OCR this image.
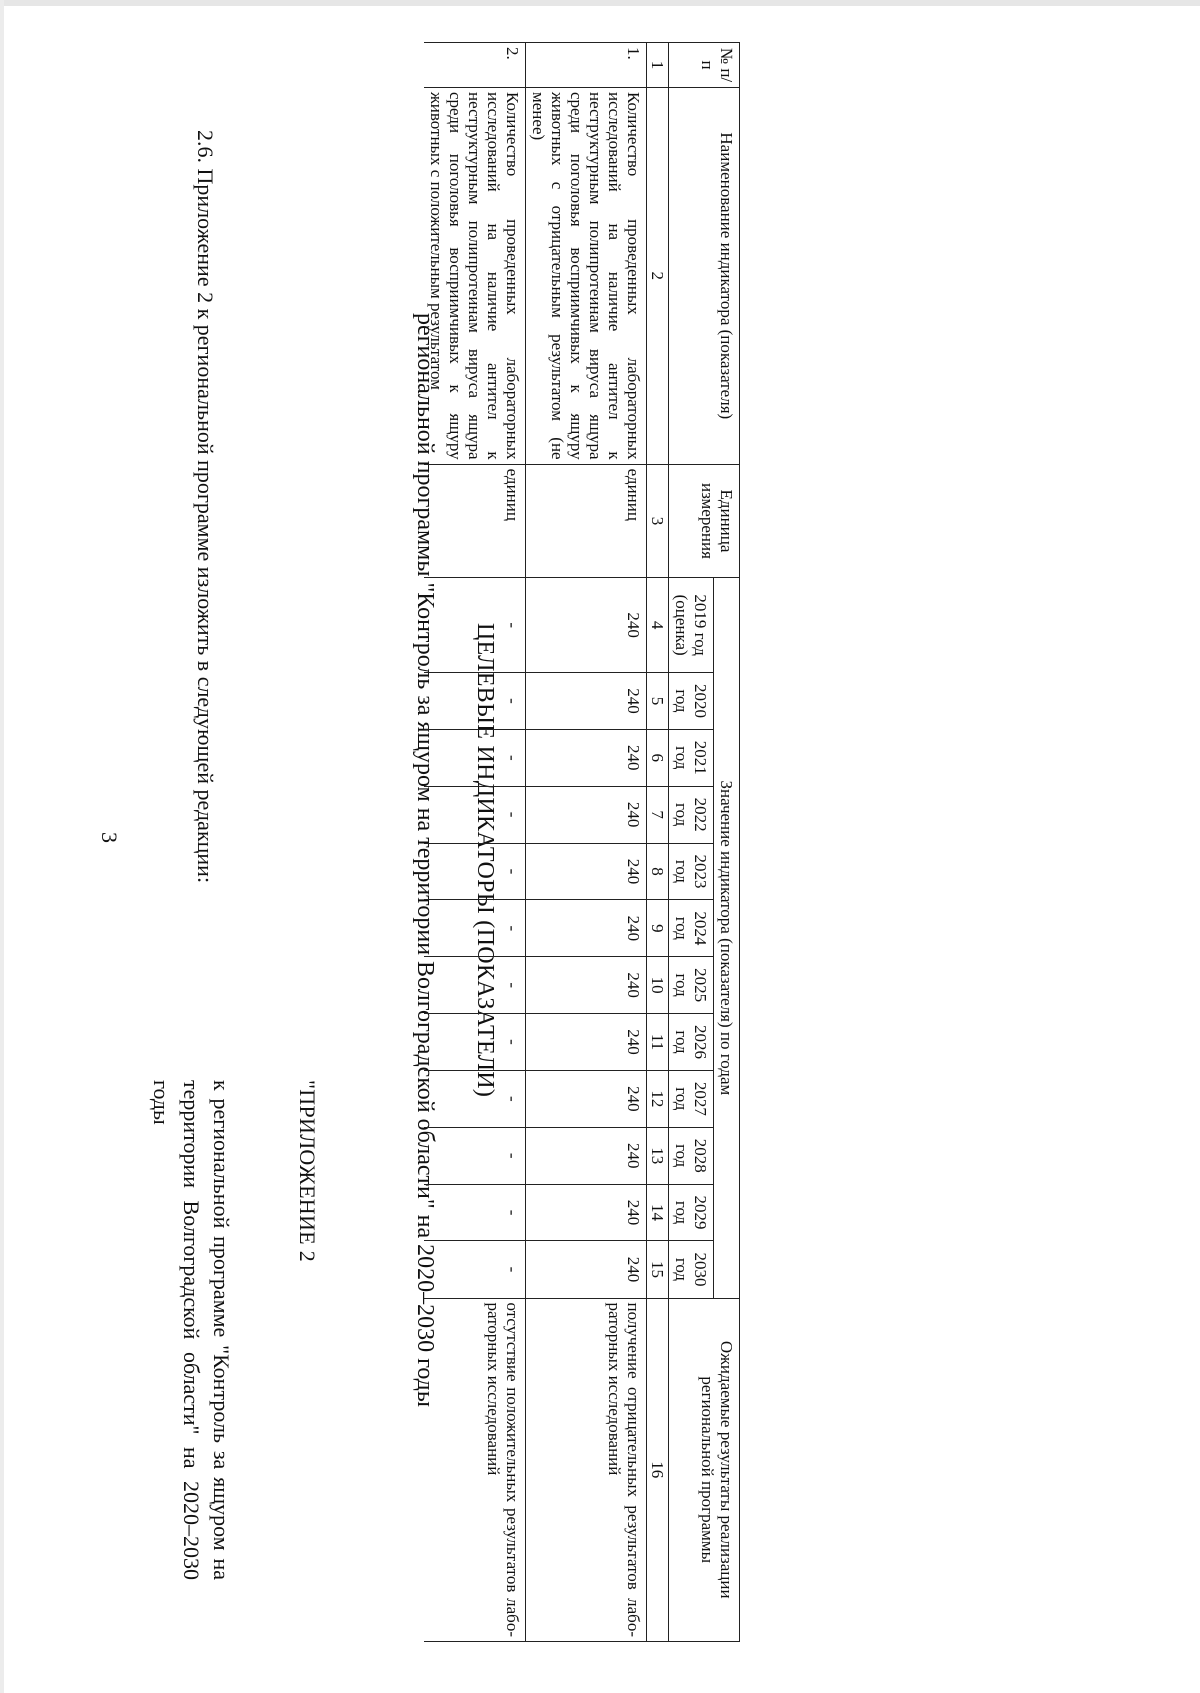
3	2.6. Приложение 2 к региональной программе изложить в следующей редакции:
"ПРИЛОЖЕНИЕ 2
к региональной программе "Контроль за ящуром на территории Волгоградской области" на 2020–2030 годы
ЦЕЛЕВЫЕ ИНДИКАТОРЫ (ПОКАЗАТЕЛИ)
региональной программы "Контроль за ящуром на территории Волгоградской области" на 2020–2030 годы
№ п/п	Наименование индикатора (показателя)	Единица измерения	Значение индикатора (показателя) по годам												Ожидаемые результаты реализации региональной программы
			2019 год (оценка)	2020 год	2021 год	2022 год	2023 год	2024 год	2025 год	2026 год	2027 год	2028 год	2029 год	2030 год	
1	2	3	4	5	6	7	8	9	10	11	12	13	14	15	16
1.	Количество проведенных лабораторных исследований на наличие антител к неструктурным полипротеинам вируса ящура среди поголовья восприимчивых к ящуру животных с отрицательным результатом (не менее)	единиц	240	240	240	240	240	240	240	240	240	240	240	240	получение отрицательных результатов лабораторных исследований
2.	Количество проведенных лабораторных исследований на наличие антител к неструктурным полипротеинам вируса ящура среди поголовья восприимчивых к ящуру животных с положительным результатом	единиц	-	-	-	-	-	-	-	-	-	-	-	-	отсутствие положительных результатов лабораторных исследований
